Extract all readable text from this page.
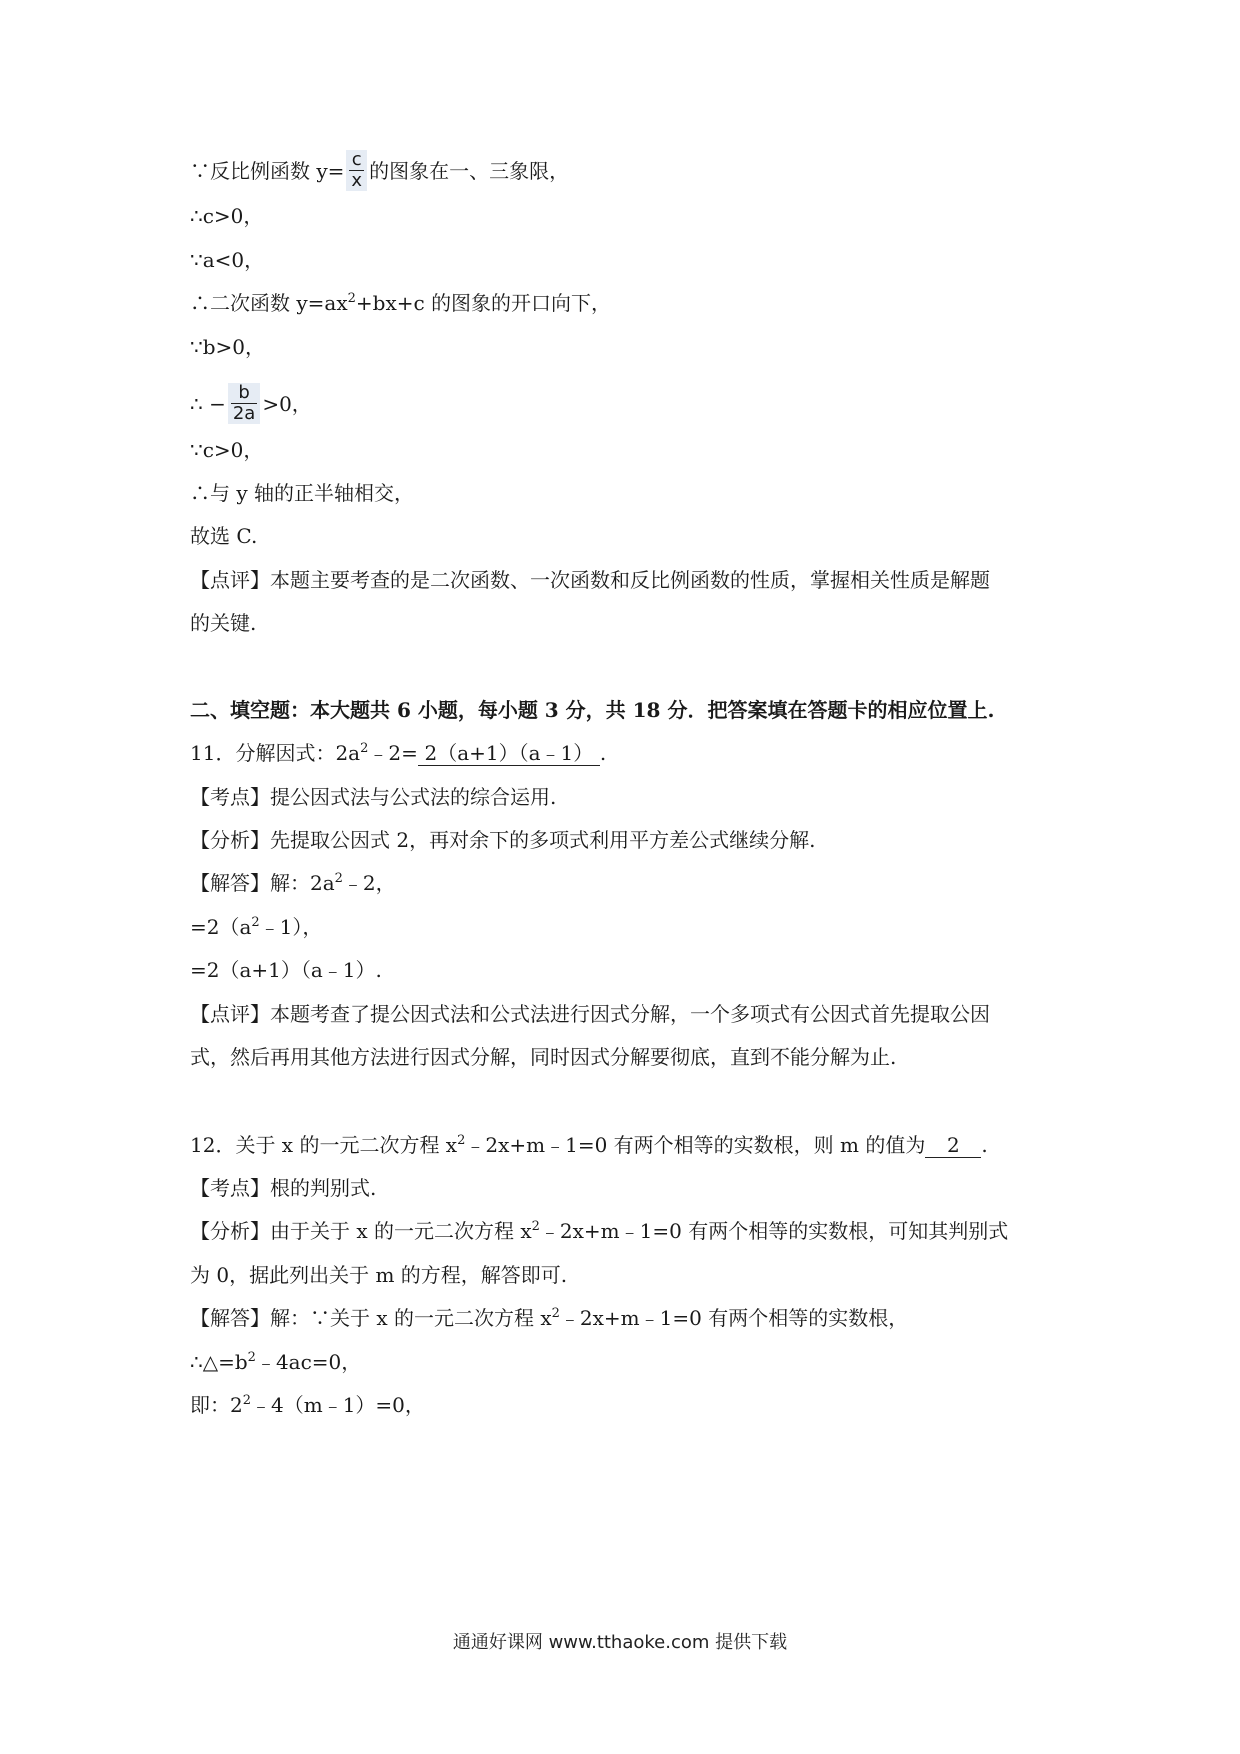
∵反比例函数 $y= \frac{c}{x}$ 的图象在一、三象限，
∴c>0，
∵a<0，
∴二次函数 $y=ax^2+bx+c$ 的图象的开口向下，
∵b>0，
∴ − $\frac{b}{2a} >0$，
∵c>0，
∴与 y 轴的正半轴相交，
故选 C.
【点评】本题主要考查的是二次函数、一次函数和反比例函数的性质，掌握相关性质是解题
的关键.
二、填空题：本大题共 6 小题，每小题 3 分，共 18 分．把答案填在答题卡的相应位置上.
11．分解因式：$2a^2﹣2=$ 2（a+1）（a﹣1） .
【考点】提公因式法与公式法的综合运用.
【分析】先提取公因式 2，再对余下的多项式利用平方差公式继续分解.
【解答】解：$2a^2﹣2$，
$=2(a^2﹣1)$，
=2（a+1）（a﹣1）.
【点评】本题考查了提公因式法和公式法进行因式分解，一个多项式有公因式首先提取公因
式，然后再用其他方法进行因式分解，同时因式分解要彻底，直到不能分解为止.
12．关于 x 的一元二次方程 $x^2﹣2x+m﹣1=0$ 有两个相等的实数根，则 m 的值为 2 .
【考点】根的判别式.
【分析】由于关于 x 的一元二次方程 $x^2﹣2x+m﹣1=0$ 有两个相等的实数根，可知其判别式
为 0，据此列出关于 m 的方程，解答即可.
【解答】解：∵关于 x 的一元二次方程 $x^2﹣2x+m﹣1=0$ 有两个相等的实数根，
$\therefore\triangle=b^2﹣4ac=0$，
即：$2^2﹣4(m﹣1)=0$，
通通好课网 www.tthaoke.com 提供下载
